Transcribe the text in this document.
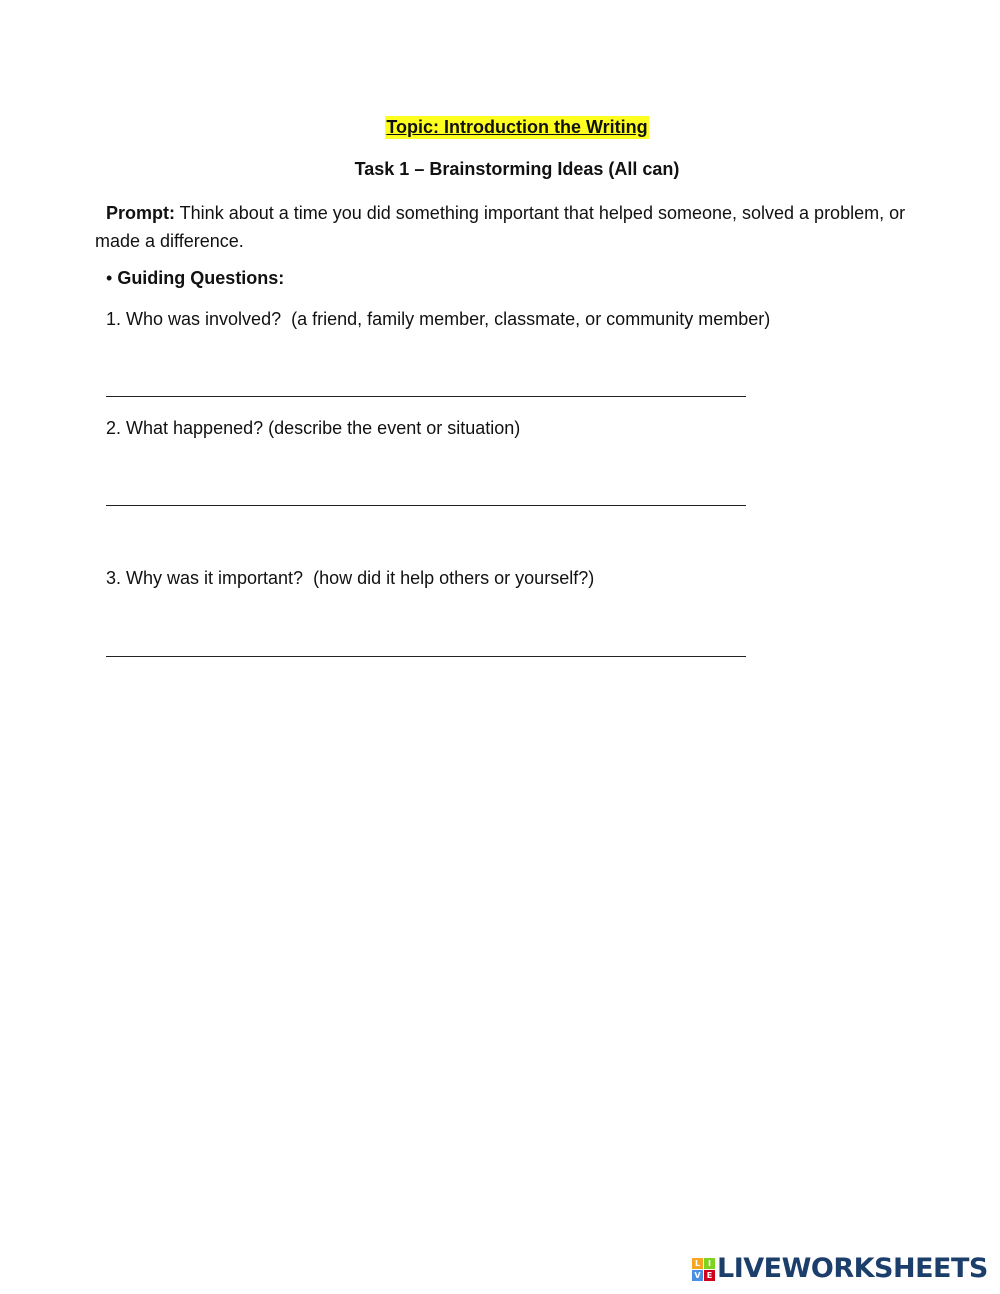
Topic: Introduction the Writing
Task 1 – Brainstorming Ideas (All can)
Prompt: Think about a time you did something important that helped someone, solved a problem, or made a difference.
• Guiding Questions:
1. Who was involved?  (a friend, family member, classmate, or community member)
2. What happened? (describe the event or situation)
3. Why was it important?  (how did it help others or yourself?)
L I
V E LIVEWORKSHEETS
